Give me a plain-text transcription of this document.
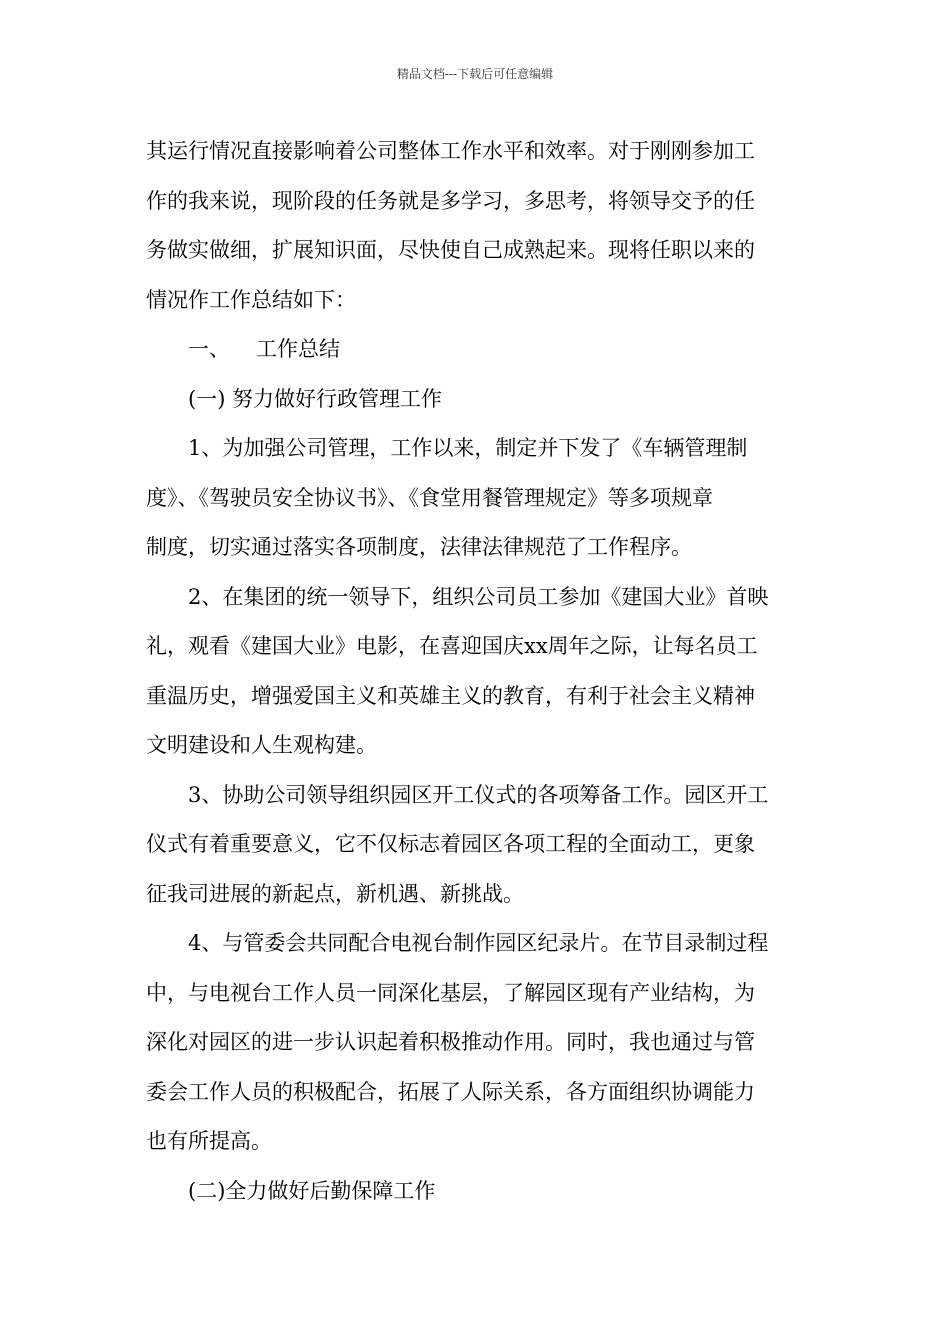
精品文档---下载后可任意编辑
其运行情况直接影响着公司整体工作水平和效率。对于刚刚参加工
作的我来说，现阶段的任务就是多学习，多思考，将领导交予的任
务做实做细，扩展知识面，尽快使自己成熟起来。现将任职以来的
情况作工作总结如下：
一、 工作总结
(一) 努力做好行政管理工作
1、为加强公司管理，工作以来，制定并下发了《车辆管理制
度》、《驾驶员安全协议书》、《食堂用餐管理规定》等多项规章
制度，切实通过落实各项制度，法律法律规范了工作程序。
2、在集团的统一领导下，组织公司员工参加《建国大业》首映
礼，观看《建国大业》电影，在喜迎国庆xx周年之际，让每名员工
重温历史，增强爱国主义和英雄主义的教育，有利于社会主义精神
文明建设和人生观构建。
3、协助公司领导组织园区开工仪式的各项筹备工作。园区开工
仪式有着重要意义，它不仅标志着园区各项工程的全面动工，更象
征我司进展的新起点，新机遇、新挑战。
4、与管委会共同配合电视台制作园区纪录片。在节目录制过程
中，与电视台工作人员一同深化基层，了解园区现有产业结构，为
深化对园区的进一步认识起着积极推动作用。同时，我也通过与管
委会工作人员的积极配合，拓展了人际关系，各方面组织协调能力
也有所提高。
(二)全力做好后勤保障工作
